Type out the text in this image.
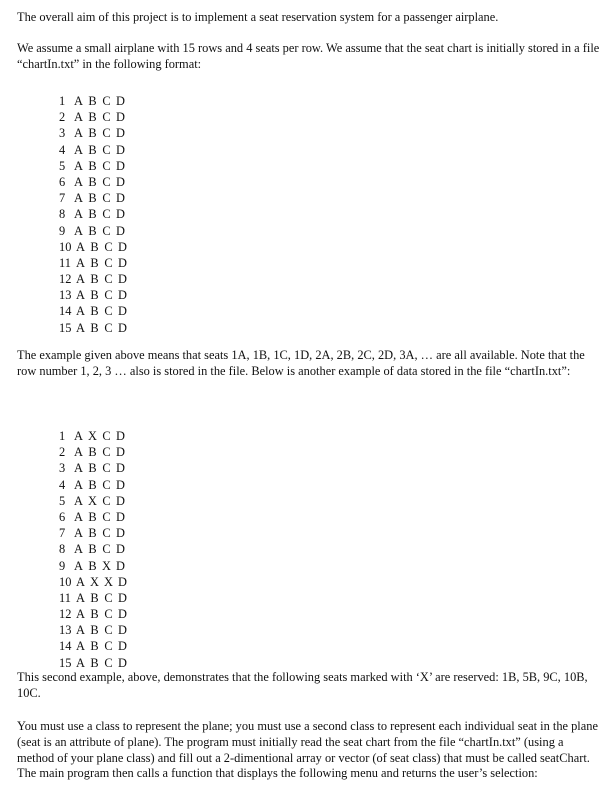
The overall aim of this project is to implement a seat reservation system for a passenger airplane.

We assume a small airplane with 15 rows and 4 seats per row. We assume that the seat chart is initially stored in a file “chartIn.txt” in the following format:

1 A B C D
2 A B C D
3 A B C D
4 A B C D
5 A B C D
6 A B C D
7 A B C D
8 A B C D
9 A B C D
10 A B C D
11 A B C D
12 A B C D
13 A B C D
14 A B C D
15 A B C D

The example given above means that seats 1A, 1B, 1C, 1D, 2A, 2B, 2C, 2D, 3A, … are all available. Note that the row number 1, 2, 3 … also is stored in the file. Below is another example of data stored in the file “chartIn.txt”:

1 A X C D
2 A B C D
3 A B C D
4 A B C D
5 A X C D
6 A B C D
7 A B C D
8 A B C D
9 A B X D
10 A X X D
11 A B C D
12 A B C D
13 A B C D
14 A B C D
15 A B C D

This second example, above, demonstrates that the following seats marked with ‘X’ are reserved: 1B, 5B, 9C, 10B, 10C.

You must use a class to represent the plane; you must use a second class to represent each individual seat in the plane (seat is an attribute of plane). The program must initially read the seat chart from the file “chartIn.txt” (using a method of your plane class) and fill out a 2-dimentional array or vector (of seat class) that must be called seatChart. The main program then calls a function that displays the following menu and returns the user’s selection:
